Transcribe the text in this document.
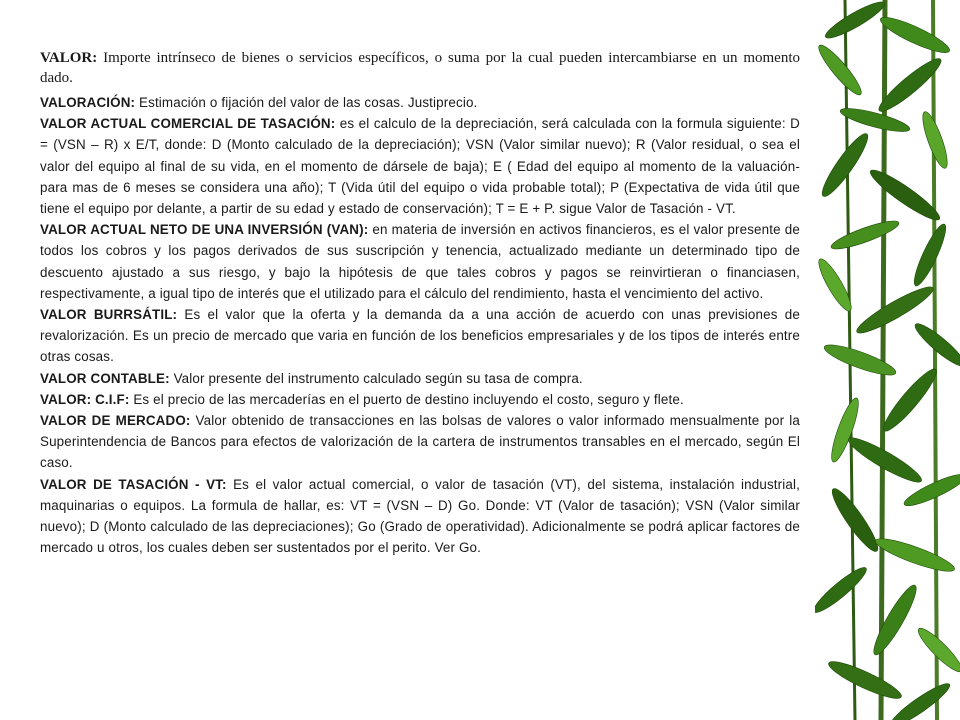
VALOR: Importe intrínseco de bienes o servicios específicos, o suma por la cual pueden intercambiarse en un momento dado.

VALORACIÓN: Estimación o fijación del valor de las cosas. Justiprecio.

VALOR ACTUAL COMERCIAL DE TASACIÓN: es el calculo de la depreciación, será calculada con la formula siguiente: D = (VSN – R) x E/T, donde: D (Monto calculado de la depreciación); VSN (Valor similar nuevo); R (Valor residual, o sea el valor del equipo al final de su vida, en el momento de dársele de baja); E ( Edad del equipo al momento de la valuación- para mas de 6 meses se considera una año); T (Vida útil del equipo o vida probable total); P (Expectativa de vida útil que tiene el equipo por delante, a partir de su edad y estado de conservación); T = E + P. sigue Valor de Tasación - VT.

VALOR ACTUAL NETO DE UNA INVERSIÓN (VAN): en materia de inversión en activos financieros, es el valor presente de todos los cobros y los pagos derivados de sus suscripción y tenencia, actualizado mediante un determinado tipo de descuento ajustado a sus riesgo, y bajo la hipótesis de que tales cobros y pagos se reinvirtieran o financiasen, respectivamente, a igual tipo de interés que el utilizado para el cálculo del rendimiento, hasta el vencimiento del activo.

VALOR BURRSÁTIL: Es el valor que la oferta y la demanda da a una acción de acuerdo con unas previsiones de revalorización. Es un precio de mercado que varia en función de los beneficios empresariales y de los tipos de interés entre otras cosas.

VALOR CONTABLE: Valor presente del instrumento calculado según su tasa de compra.

VALOR: C.I.F: Es el precio de las mercaderías en el puerto de destino incluyendo el costo, seguro y flete.

VALOR DE MERCADO: Valor obtenido de transacciones en las bolsas de valores o valor informado mensualmente por la Superintendencia de Bancos para efectos de valorización de la cartera de instrumentos transables en el mercado, según El caso.

VALOR DE TASACIÓN - VT: Es el valor actual comercial, o valor de tasación (VT), del sistema, instalación industrial, maquinarias o equipos. La formula de hallar, es: VT = (VSN – D) Go. Donde: VT (Valor de tasación); VSN (Valor similar nuevo); D (Monto calculado de las depreciaciones); Go (Grado de operatividad). Adicionalmente se podrá aplicar factores de mercado u otros, los cuales deben ser sustentados por el perito. Ver Go.
